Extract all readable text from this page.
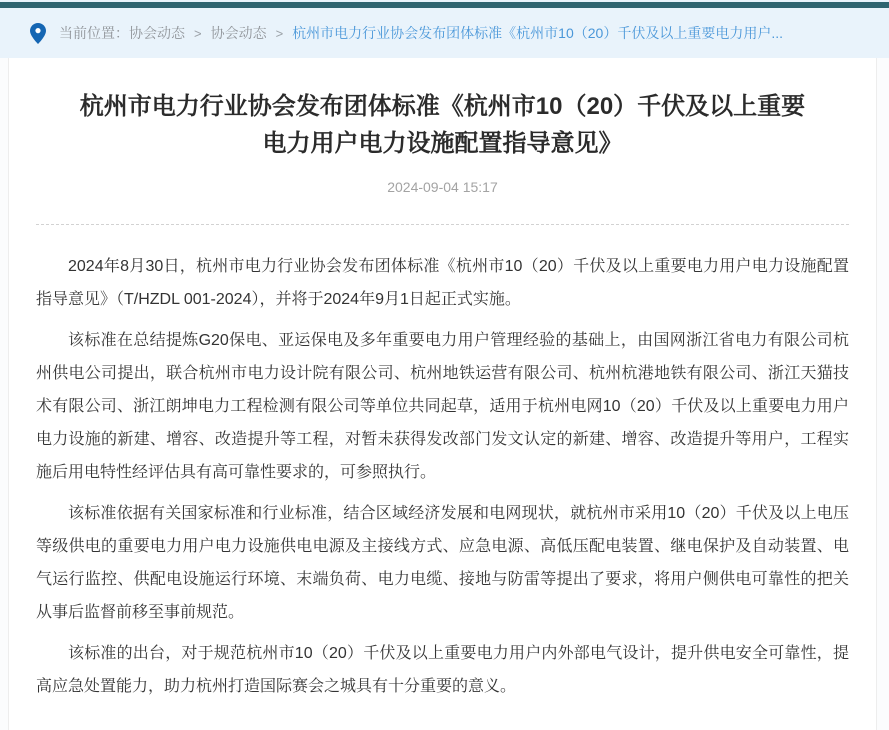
当前位置： 协会动态 > 协会动态 > 杭州市电力行业协会发布团体标准《杭州市10（20）千伏及以上重要电力用户...
杭州市电力行业协会发布团体标准《杭州市10（20）千伏及以上重要电力用户电力设施配置指导意见》
2024-09-04 15:17

2024年8月30日，杭州市电力行业协会发布团体标准《杭州市10（20）千伏及以上重要电力用户电力设施配置指导意见》（T/HZDL 001-2024），并将于2024年9月1日起正式实施。

该标准在总结提炼G20保电、亚运保电及多年重要电力用户管理经验的基础上，由国网浙江省电力有限公司杭州供电公司提出，联合杭州市电力设计院有限公司、杭州地铁运营有限公司、杭州杭港地铁有限公司、浙江天猫技术有限公司、浙江朗坤电力工程检测有限公司等单位共同起草，适用于杭州电网10（20）千伏及以上重要电力用户电力设施的新建、增容、改造提升等工程，对暂未获得发改部门发文认定的新建、增容、改造提升等用户，工程实施后用电特性经评估具有高可靠性要求的，可参照执行。

该标准依据有关国家标准和行业标准，结合区域经济发展和电网现状，就杭州市采用10（20）千伏及以上电压等级供电的重要电力用户电力设施供电电源及主接线方式、应急电源、高低压配电装置、继电保护及自动装置、电气运行监控、供配电设施运行环境、末端负荷、电力电缆、接地与防雷等提出了要求，将用户侧供电可靠性的把关从事后监督前移至事前规范。

该标准的出台，对于规范杭州市10（20）千伏及以上重要电力用户内外部电气设计，提升供电安全可靠性，提高应急处置能力，助力杭州打造国际赛会之城具有十分重要的意义。
